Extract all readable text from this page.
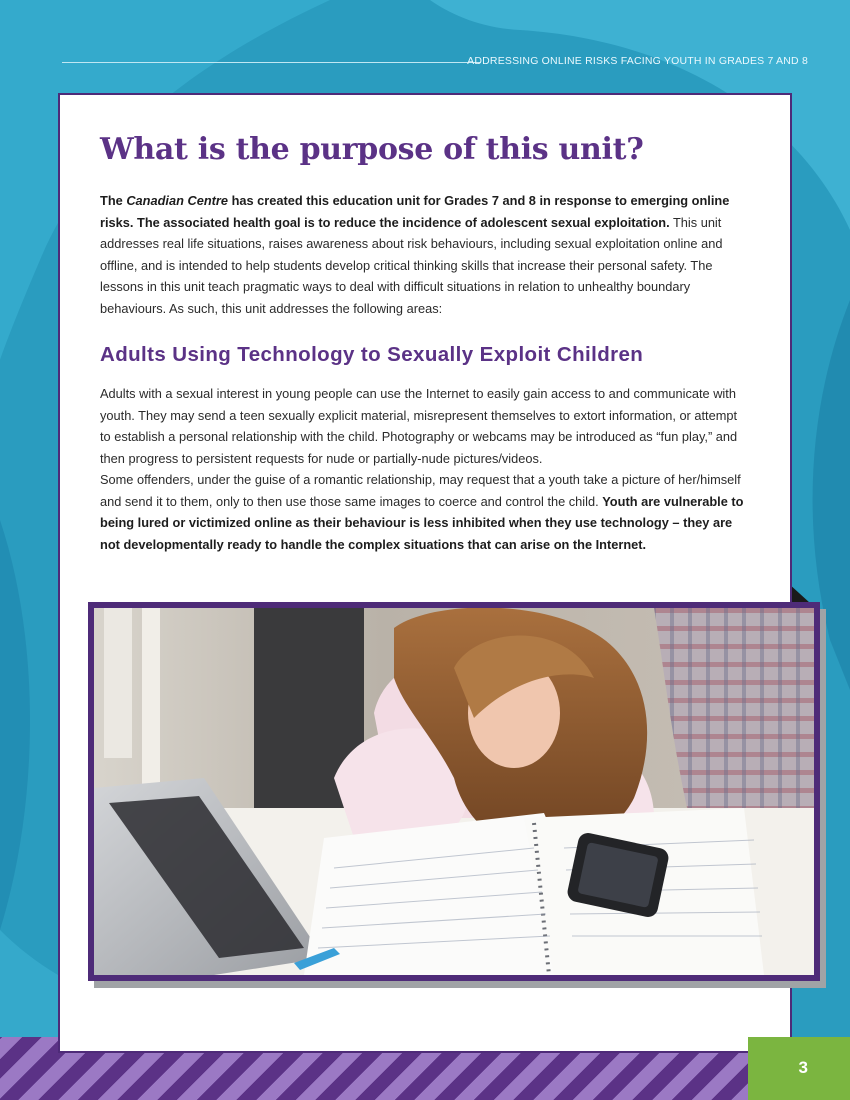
ADDRESSING ONLINE RISKS FACING YOUTH IN GRADES 7 AND 8
What is the purpose of this unit?

The Canadian Centre has created this education unit for Grades 7 and 8 in response to emerging online risks. The associated health goal is to reduce the incidence of adolescent sexual exploitation. This unit addresses real life situations, raises awareness about risk behaviours, including sexual exploitation online and offline, and is intended to help students develop critical thinking skills that increase their personal safety. The lessons in this unit teach pragmatic ways to deal with difficult situations in relation to unhealthy boundary behaviours. As such, this unit addresses the following areas:

Adults Using Technology to Sexually Exploit Children

Adults with a sexual interest in young people can use the Internet to easily gain access to and communicate with youth. They may send a teen sexually explicit material, misrepresent themselves to extort information, or attempt to establish a personal relationship with the child. Photography or webcams may be introduced as “fun play,” and then progress to persistent requests for nude or partially-nude pictures/videos.
Some offenders, under the guise of a romantic relationship, may request that a youth take a picture of her/himself and send it to them, only to then use those same images to coerce and control the child. Youth are vulnerable to being lured or victimized online as their behaviour is less inhibited when they use technology – they are not developmentally ready to handle the complex situations that can arise on the Internet.

3
